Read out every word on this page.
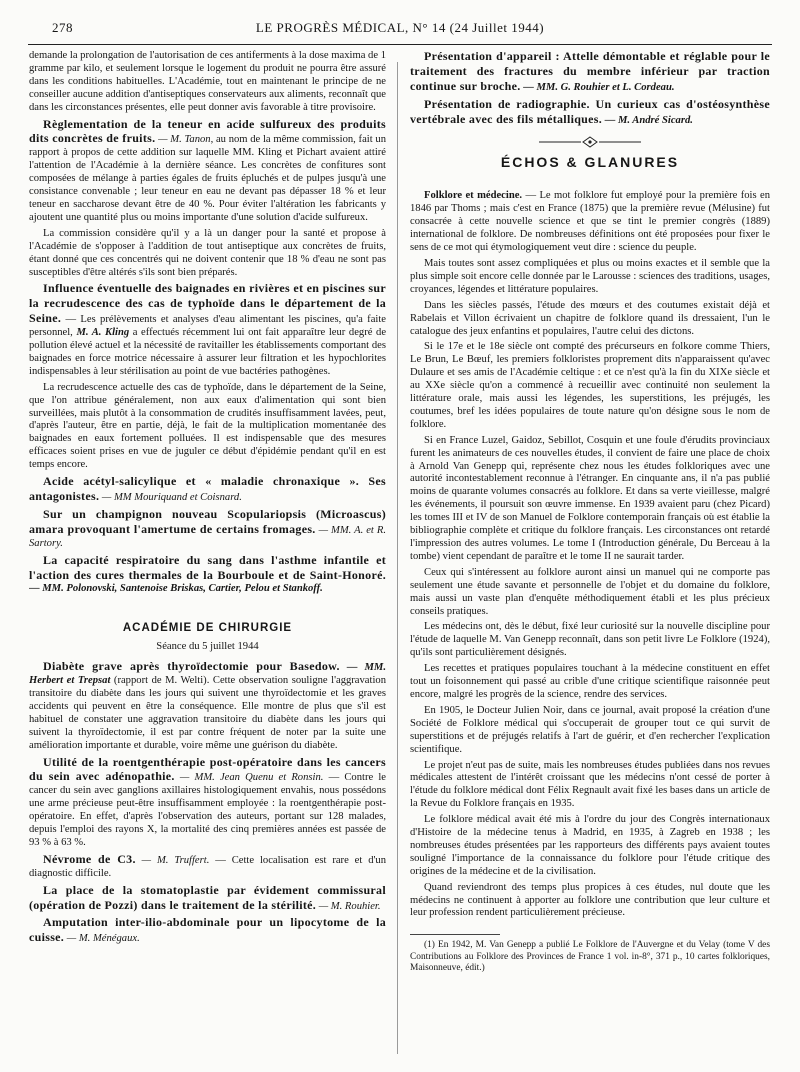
278	LE PROGRÈS MÉDICAL, N° 14 (24 Juillet 1944)

demande la prolongation de l'autorisation de ces antiferments à la dose maxima de 1 gramme par kilo, et seulement lorsque le logement du produit ne pourra être assuré dans les conditions habituelles. L'Académie, tout en maintenant le principe de ne conseiller aucune addition d'antiseptiques conservateurs aux aliments, reconnaît que dans les circonstances présentes, elle peut donner avis favorable à titre provisoire.

Règlementation de la teneur en acide sulfureux des produits dits concrètes de fruits. — M. Tanon, au nom de la même commission, fait un rapport à propos de cette addition sur laquelle MM. Kling et Pichart avaient attiré l'attention de l'Académie à la dernière séance. Les concrètes de confitures sont composées de mélange à parties égales de fruits épluchés et de pulpes jusqu'à une consistance convenable ; leur teneur en eau ne devant pas dépasser 18 % et leur teneur en saccharose devant être de 40 %. Pour éviter l'altération les fabricants y ajoutent une quantité plus ou moins importante d'une solution d'acide sulfureux.

La commission considère qu'il y a là un danger pour la santé et propose à l'Académie de s'opposer à l'addition de tout antiseptique aux concrètes de fruits, étant donné que ces concentrés qui ne doivent contenir que 18 % d'eau ne sont pas susceptibles d'être altérés s'ils sont bien préparés.

Influence éventuelle des baignades en rivières et en piscines sur la recrudescence des cas de typhoïde dans le département de la Seine. — Les prélèvements et analyses d'eau alimentant les piscines, qu'a faite personnel, M. A. Kling a effectués récemment lui ont fait apparaître leur degré de pollution élevé actuel et la nécessité de ravitailler les établissements comportant des baignades en force motrice nécessaire à assurer leur filtration et les hypochlorites indispensables à leur stérilisation au point de vue bactéries pathogènes.

La recrudescence actuelle des cas de typhoïde, dans le département de la Seine, que l'on attribue généralement, non aux eaux d'alimentation qui sont bien surveillées, mais plutôt à la consommation de crudités insuffisamment lavées, peut, d'après l'auteur, être en partie, déjà, le fait de la multiplication momentanée des baignades en eaux fortement polluées. Il est indispensable que des mesures efficaces soient prises en vue de juguler ce début d'épidémie pendant qu'il en est temps encore.

Acide acétyl-salicylique et « maladie chronaxique ». Ses antagonistes. — MM Mouriquand et Coisnard.

Sur un champignon nouveau Scopulariopsis (Microascus) amara provoquant l'amertume de certains fromages. — MM. A. et R. Sartory.

La capacité respiratoire du sang dans l'asthme infantile et l'action des cures thermales de la Bourboule et de Saint-Honoré. — MM. Polonovski, Santenoise Briskas, Cartier, Pelou et Stankoff.

ACADÉMIE DE CHIRURGIE
Séance du 5 juillet 1944

Diabète grave après thyroïdectomie pour Basedow. — MM. Herbert et Trepsat (rapport de M. Welti). Cette observation souligne l'aggravation transitoire du diabète dans les jours qui suivent une thyroïdectomie et les graves accidents qui peuvent en être la conséquence. Elle montre de plus que s'il est habituel de constater une aggravation transitoire du diabète dans les jours qui suivent la thyroïdectomie, il est par contre fréquent de noter par la suite une amélioration importante et durable, voire même une guérison du diabète.

Utilité de la roentgenthérapie post-opératoire dans les cancers du sein avec adénopathie. — MM. Jean Quenu et Ronsin. — Contre le cancer du sein avec ganglions axillaires histologiquement envahis, nous possédons une arme précieuse peut-être insuffisamment employée : la roentgenthérapie post-opératoire. En effet, d'après l'observation des auteurs, portant sur 128 malades, depuis l'emploi des rayons X, la mortalité des cinq premières années est passée de 93 % à 63 %.

Névrome de C3. — M. Truffert. — Cette localisation est rare et d'un diagnostic difficile.

La place de la stomatoplastie par évidement commissural (opération de Pozzi) dans le traitement de la stérilité. — M. Rouhier.

Amputation inter-ilio-abdominale pour un lipocytome de la cuisse. — M. Ménégaux.

Présentation d'appareil : Attelle démontable et réglable pour le traitement des fractures du membre inférieur par traction continue sur broche. — MM. G. Rouhier et L. Cordeau.

Présentation de radiographie. Un curieux cas d'ostéosynthèse vertébrale avec des fils métalliques. — M. André Sicard.

ÉCHOS & GLANURES

Folklore et médecine. — Le mot folklore fut employé pour la première fois en 1846 par Thoms ; mais c'est en France (1875) que la première revue (Mélusine) fut consacrée à cette nouvelle science et que se tint le premier congrès (1889) international de folklore. De nombreuses définitions ont été proposées pour fixer le sens de ce mot qui étymologiquement veut dire : science du peuple.

Mais toutes sont assez compliquées et plus ou moins exactes et il semble que la plus simple soit encore celle donnée par le Larousse : sciences des traditions, usages, croyances, légendes et littérature populaires.

Dans les siècles passés, l'étude des mœurs et des coutumes existait déjà et Rabelais et Villon écrivaient un chapitre de folklore quand ils dressaient, l'un le catalogue des jeux enfantins et populaires, l'autre celui des dictons.

Si le 17e et le 18e siècle ont compté des précurseurs en folkore comme Thiers, Le Brun, Le Bœuf, les premiers folkloristes proprement dits n'apparaissent qu'avec Dulaure et ses amis de l'Académie celtique : et ce n'est qu'à la fin du XIXe siècle et au XXe siècle qu'on a commencé à recueillir avec continuité non seulement la littérature orale, mais aussi les légendes, les superstitions, les préjugés, les coutumes, bref les idées populaires de toute nature qu'on désigne sous le nom de folklore.

Si en France Luzel, Gaidoz, Sebillot, Cosquin et une foule d'érudits provinciaux furent les animateurs de ces nouvelles études, il convient de faire une place de choix à Arnold Van Genepp qui, représente chez nous les études folkloriques avec une autorité incontestablement reconnue à l'étranger. En cinquante ans, il n'a pas publié moins de quarante volumes consacrés au folklore. Et dans sa verte vieillesse, malgré les événements, il poursuit son œuvre immense. En 1939 avaient paru (chez Picard) les tomes III et IV de son Manuel de Folklore contemporain français où est établie la bibliographie complète et critique du folklore français. Les circonstances ont retardé l'impression des autres volumes. Le tome I (Introduction générale, Du Berceau à la tombe) vient cependant de paraître et le tome II ne saurait tarder.

Ceux qui s'intéressent au folklore auront ainsi un manuel qui ne comporte pas seulement une étude savante et personnelle de l'objet et du domaine du folklore, mais aussi un vaste plan d'enquête méthodiquement établi et les plus précieux conseils pratiques.

Les médecins ont, dès le début, fixé leur curiosité sur la nouvelle discipline pour l'étude de laquelle M. Van Genepp reconnaît, dans son petit livre Le Folklore (1924), qu'ils sont particulièrement désignés.

Les recettes et pratiques populaires touchant à la médecine constituent en effet tout un foisonnement qui passé au crible d'une critique scientifique raisonnée peut encore, malgré les progrès de la science, rendre des services.

En 1905, le Docteur Julien Noir, dans ce journal, avait proposé la création d'une Société de Folklore médical qui s'occuperait de grouper tout ce qui survit de superstitions et de préjugés relatifs à l'art de guérir, et d'en rechercher l'explication scientifique.

Le projet n'eut pas de suite, mais les nombreuses études publiées dans nos revues médicales attestent de l'intérêt croissant que les médecins n'ont cessé de porter à l'étude du folklore médical dont Félix Regnault avait fixé les bases dans un article de la Revue du Folklore français en 1935.

Le folklore médical avait été mis à l'ordre du jour des Congrès internationaux d'Histoire de la médecine tenus à Madrid, en 1935, à Zagreb en 1938 ; les nombreuses études présentées par les rapporteurs des différents pays avaient toutes souligné l'importance de la connaissance du folklore pour l'étude critique des origines de la médecine et de la civilisation.

Quand reviendront des temps plus propices à ces études, nul doute que les médecins ne continuent à apporter au folklore une contribution que leur culture et leur profession rendent particulièrement précieuse.

(1) En 1942, M. Van Genepp a publié Le Folklore de l'Auvergne et du Velay (tome V des Contributions au Folklore des Provinces de France 1 vol. in-8°, 371 p., 10 cartes folkloriques, Maisonneuve, édit.)
